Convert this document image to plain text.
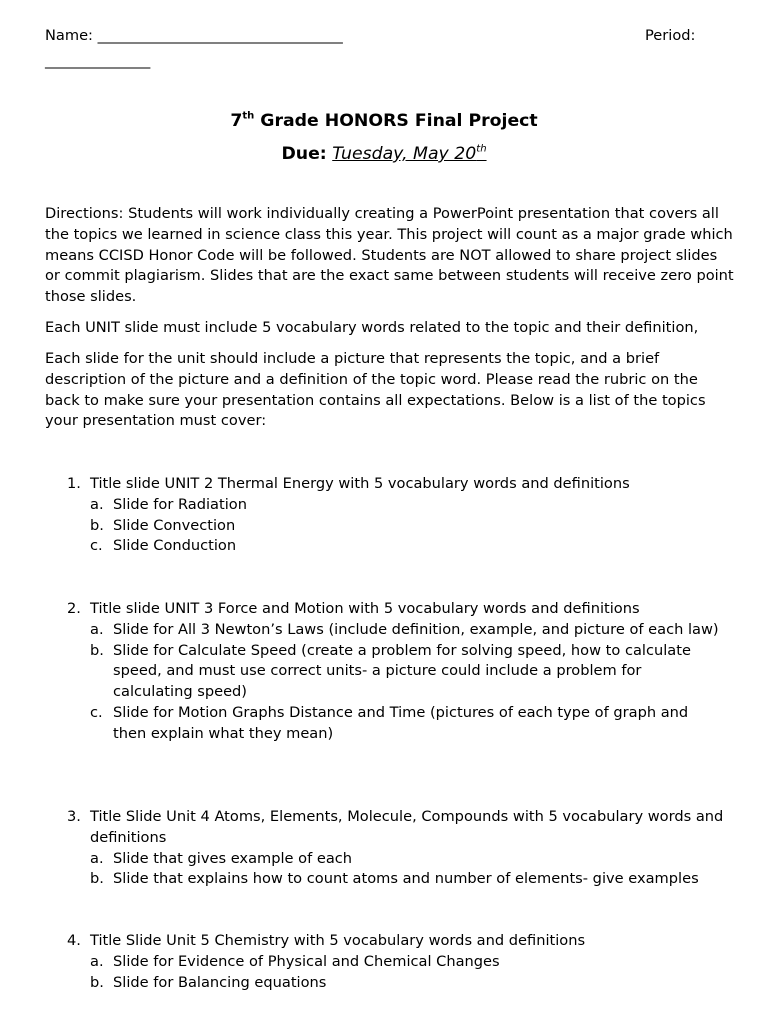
Name: ___________________________________	Period:
_______________
7th Grade HONORS Final Project
Due: Tuesday, May 20th

Directions: Students will work individually creating a PowerPoint presentation that covers all the topics we learned in science class this year. This project will count as a major grade which means CCISD Honor Code will be followed. Students are NOT allowed to share project slides or commit plagiarism. Slides that are the exact same between students will receive zero point those slides.

Each UNIT slide must include 5 vocabulary words related to the topic and their definition,

Each slide for the unit should include a picture that represents the topic, and a brief description of the picture and a definition of the topic word. Please read the rubric on the back to make sure your presentation contains all expectations. Below is a list of the topics your presentation must cover:

1. Title slide UNIT 2 Thermal Energy with 5 vocabulary words and definitions
a. Slide for Radiation
b. Slide Convection
c. Slide Conduction
2. Title slide UNIT 3 Force and Motion with 5 vocabulary words and definitions
a. Slide for All 3 Newton’s Laws (include definition, example, and picture of each law)
b. Slide for Calculate Speed (create a problem for solving speed, how to calculate speed, and must use correct units- a picture could include a problem for calculating speed)
c. Slide for Motion Graphs Distance and Time (pictures of each type of graph and then explain what they mean)
3. Title Slide Unit 4 Atoms, Elements, Molecule, Compounds with 5 vocabulary words and definitions
a. Slide that gives example of each
b. Slide that explains how to count atoms and number of elements- give examples
4. Title Slide Unit 5 Chemistry with 5 vocabulary words and definitions
a. Slide for Evidence of Physical and Chemical Changes
b. Slide for Balancing equations
